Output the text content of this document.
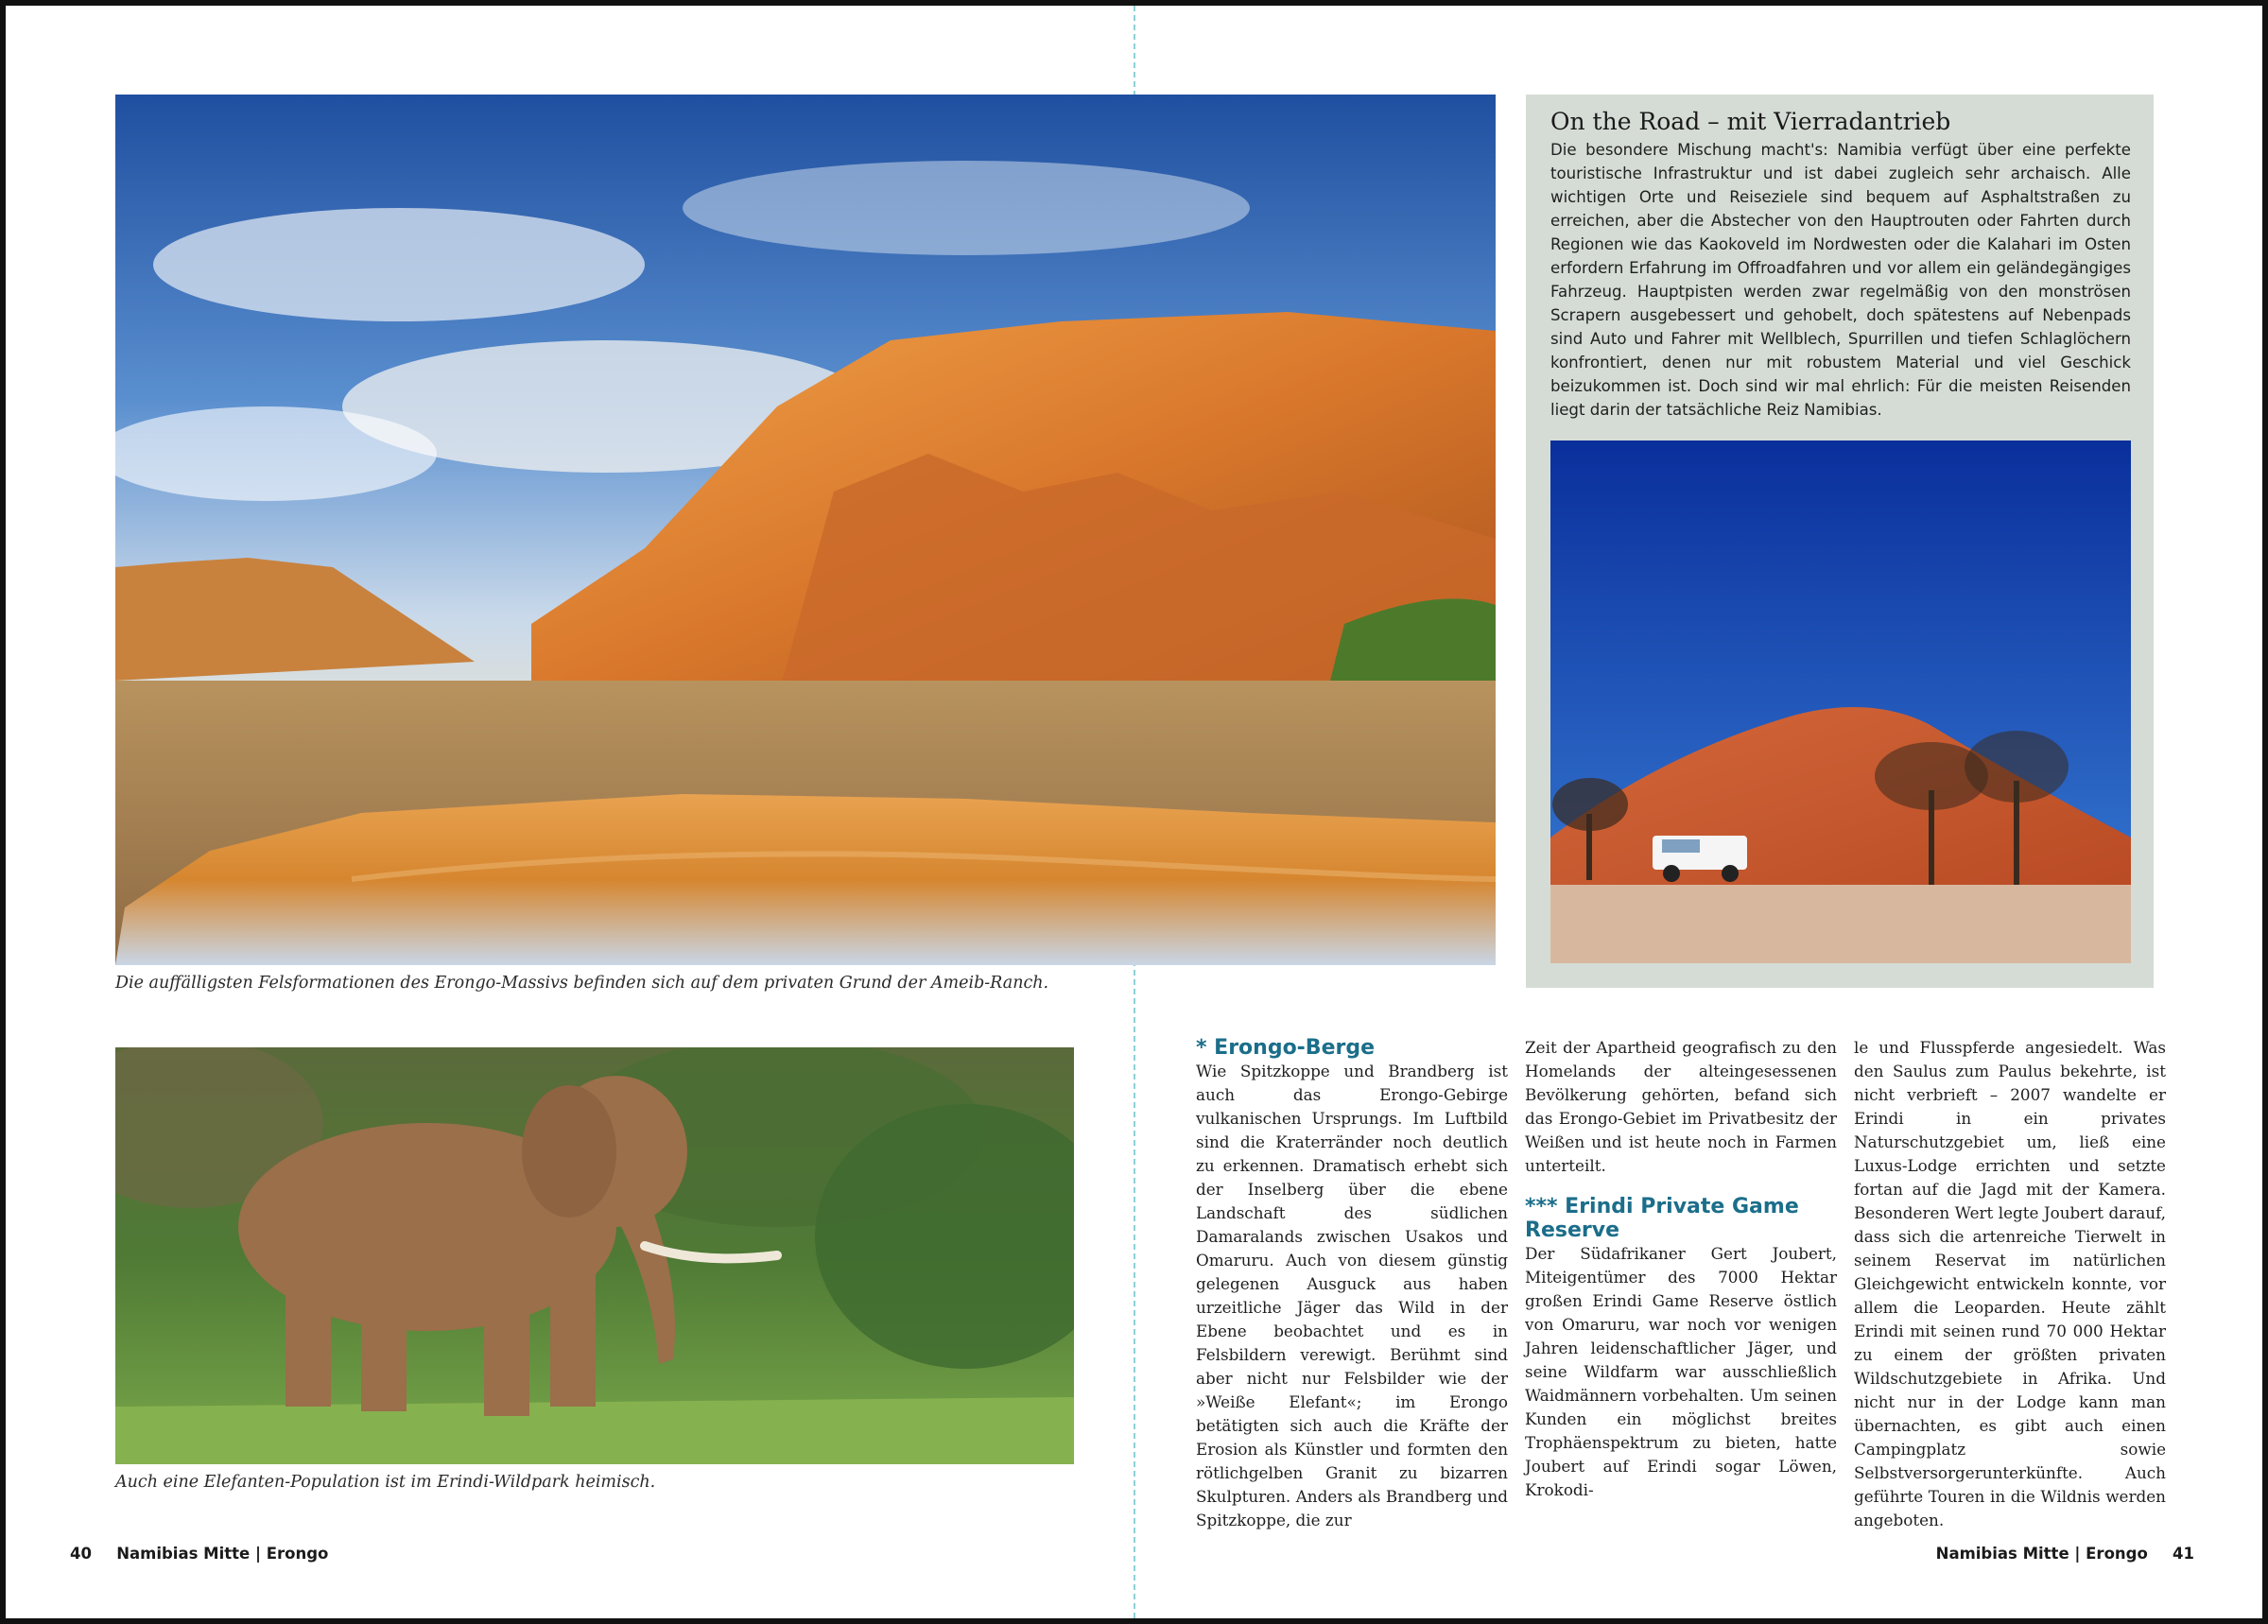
Die auffälligsten Felsformationen des Erongo-Massivs befinden sich auf dem privaten Grund der Ameib-Ranch.
On the Road – mit Vierradantrieb
Die besondere Mischung macht's: Namibia verfügt über eine perfekte touristische Infrastruktur und ist dabei zugleich sehr archaisch. Alle wichtigen Orte und Reiseziele sind bequem auf Asphaltstraßen zu erreichen, aber die Abstecher von den Hauptrouten oder Fahrten durch Regionen wie das Kaokoveld im Nordwesten oder die Kalahari im Osten erfordern Erfahrung im Offroadfahren und vor allem ein geländegängiges Fahrzeug. Hauptpisten werden zwar regelmäßig von den monströsen Scrapern ausgebessert und gehobelt, doch spätestens auf Nebenpads sind Auto und Fahrer mit Wellblech, Spurrillen und tiefen Schlaglöchern konfrontiert, denen nur mit robustem Material und viel Geschick beizukommen ist. Doch sind wir mal ehrlich: Für die meisten Reisenden liegt darin der tatsächliche Reiz Namibias.
Auch eine Elefanten-Population ist im Erindi-Wildpark heimisch.

* Erongo-Berge

Wie Spitzkoppe und Brandberg ist auch das Erongo-Gebirge vulkanischen Ursprungs. Im Luftbild sind die Kraterränder noch deutlich zu erkennen. Dramatisch erhebt sich der Inselberg über die ebene Landschaft des südlichen Damaralands zwischen Usakos und Omaruru. Auch von diesem günstig gelegenen Ausguck aus haben urzeitliche Jäger das Wild in der Ebene beobachtet und es in Felsbildern verewigt. Berühmt sind aber nicht nur Felsbilder wie der »Weiße Elefant«; im Erongo betätigten sich auch die Kräfte der Erosion als Künstler und formten den rötlichgelben Granit zu bizarren Skulpturen. Anders als Brandberg und Spitzkoppe, die zur

Zeit der Apartheid geografisch zu den Homelands der alteingesessenen Bevölkerung gehörten, befand sich das Erongo-Gebiet im Privatbesitz der Weißen und ist heute noch in Farmen unterteilt.

*** Erindi Private Game Reserve

Der Südafrikaner Gert Joubert, Miteigentümer des 7000 Hektar großen Erindi Game Reserve östlich von Omaruru, war noch vor wenigen Jahren leidenschaftlicher Jäger, und seine Wildfarm war ausschließlich Waidmännern vorbehalten. Um seinen Kunden ein möglichst breites Trophäenspektrum zu bieten, hatte Joubert auf Erindi sogar Löwen, Krokodi-

le und Flusspferde angesiedelt. Was den Saulus zum Paulus bekehrte, ist nicht verbrieft – 2007 wandelte er Erindi in ein privates Naturschutzgebiet um, ließ eine Luxus-Lodge errichten und setzte fortan auf die Jagd mit der Kamera. Besonderen Wert legte Joubert darauf, dass sich die artenreiche Tierwelt in seinem Reservat im natürlichen Gleichgewicht entwickeln konnte, vor allem die Leoparden. Heute zählt Erindi mit seinen rund 70 000 Hektar zu einem der größten privaten Wildschutzgebiete in Afrika. Und nicht nur in der Lodge kann man übernachten, es gibt auch einen Campingplatz sowie Selbstversorgerunterkünfte. Auch geführte Touren in die Wildnis werden angeboten.

40 Namibias Mitte | Erongo	Namibias Mitte | Erongo 41
